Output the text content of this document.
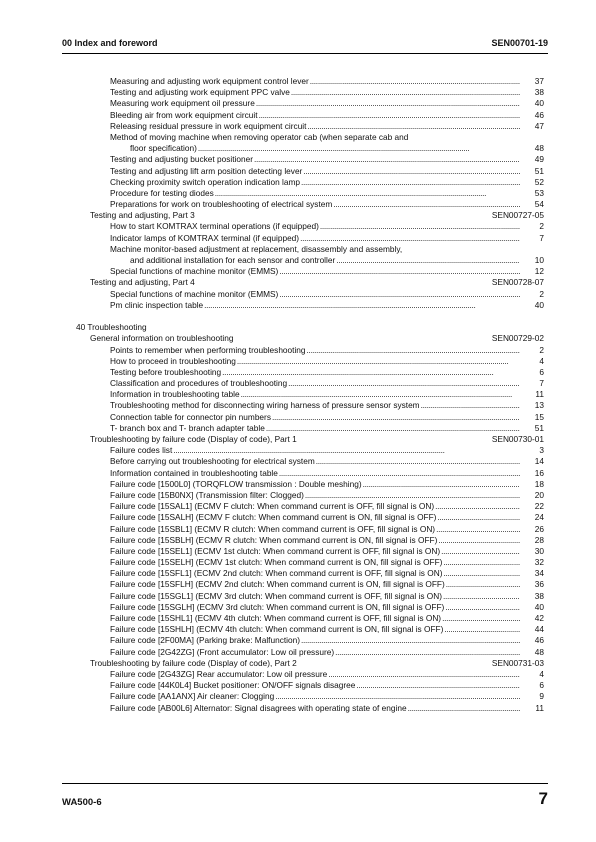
00 Index and foreword	SEN00701-19
Measuring and adjusting work equipment control lever	37
. . .
Testing and adjusting work equipment PPC valve	38
. . .
Measuring work equipment oil pressure	40
. . .
Bleeding air from work equipment circuit	46
. . .
Releasing residual pressure in work equipment circuit	47
. . .
Method of moving machine when removing operator cab (when separate cab and
floor specification)	48
. . .
Testing and adjusting bucket positioner	49
. . .
Testing and adjusting lift arm position detecting lever	51
. . .
Checking proximity switch operation indication lamp	52
. . .
Procedure for testing diodes	53
. . .
Preparations for work on troubleshooting of electrical system	54
. . .
Testing and adjusting, Part 3	SEN00727-05
How to start KOMTRAX terminal operations (if equipped)	2
. . .
Indicator lamps of KOMTRAX terminal (if equipped)	7
. . .
Machine monitor-based adjustment at replacement, disassembly and assembly,
and additional installation for each sensor and controller	10
. . .
Special functions of machine monitor (EMMS)	12
. . .
Testing and adjusting, Part 4	SEN00728-07
Special functions of machine monitor (EMMS)	2
. . .
Pm clinic inspection table	40
. . .
40 Troubleshooting
General information on troubleshooting	SEN00729-02
Points to remember when performing troubleshooting	2
. . .
How to proceed in troubleshooting	4
. . .
Testing before troubleshooting	6
. . .
Classification and procedures of troubleshooting	7
. . .
Information in troubleshooting table	11
. . .
Troubleshooting method for disconnecting wiring harness of pressure sensor system	13
. . .
Connection table for connector pin numbers	15
. . .
T- branch box and T- branch adapter table	51
. . .
Troubleshooting by failure code (Display of code), Part 1	SEN00730-01
Failure codes list	3
. . .
Before carrying out troubleshooting for electrical system	14
. . .
Information contained in troubleshooting table	16
. . .
Failure code [1500L0] (TORQFLOW transmission : Double meshing)	18
. . .
Failure code [15B0NX] (Transmission filter: Clogged)	20
. . .
Failure code [15SAL1] (ECMV F clutch: When command current is OFF, fill signal is ON)	22
. . .
Failure code [15SALH] (ECMV F clutch: When command current is ON, fill signal is OFF)	24
. . .
Failure code [15SBL1] (ECMV R clutch: When command current is OFF, fill signal is ON)	26
. . .
Failure code [15SBLH] (ECMV R clutch: When command current is ON, fill signal is OFF)	28
. . .
Failure code [15SEL1] (ECMV 1st clutch: When command current is OFF, fill signal is ON)	30
. . .
Failure code [15SELH] (ECMV 1st clutch: When command current is ON, fill signal is OFF)	32
. . .
Failure code [15SFL1] (ECMV 2nd clutch: When command current is OFF, fill signal is ON)	34
. . .
Failure code [15SFLH] (ECMV 2nd clutch: When command current is ON, fill signal is OFF)	36
. . .
Failure code [15SGL1] (ECMV 3rd clutch: When command current is OFF, fill signal is ON)	38
. . .
Failure code [15SGLH] (ECMV 3rd clutch: When command current is ON, fill signal is OFF)	40
. . .
Failure code [15SHL1] (ECMV 4th clutch: When command current is OFF, fill signal is ON)	42
. . .
Failure code [15SHLH] (ECMV 4th clutch: When command current is ON, fill signal is OFF)	44
. . .
Failure code [2F00MA] (Parking brake: Malfunction)	46
. . .
Failure code [2G42ZG] (Front accumulator: Low oil pressure)	48
. . .
Troubleshooting by failure code (Display of code), Part 2	SEN00731-03
Failure code [2G43ZG] Rear accumulator: Low oil pressure	4
. . .
Failure code [44K0L4] Bucket positioner: ON/OFF signals disagree	6
. . .
Failure code [AA1ANX] Air cleaner: Clogging	9
. . .
Failure code [AB00L6] Alternator: Signal disagrees with operating state of engine	11
. . .
WA500-6	7
